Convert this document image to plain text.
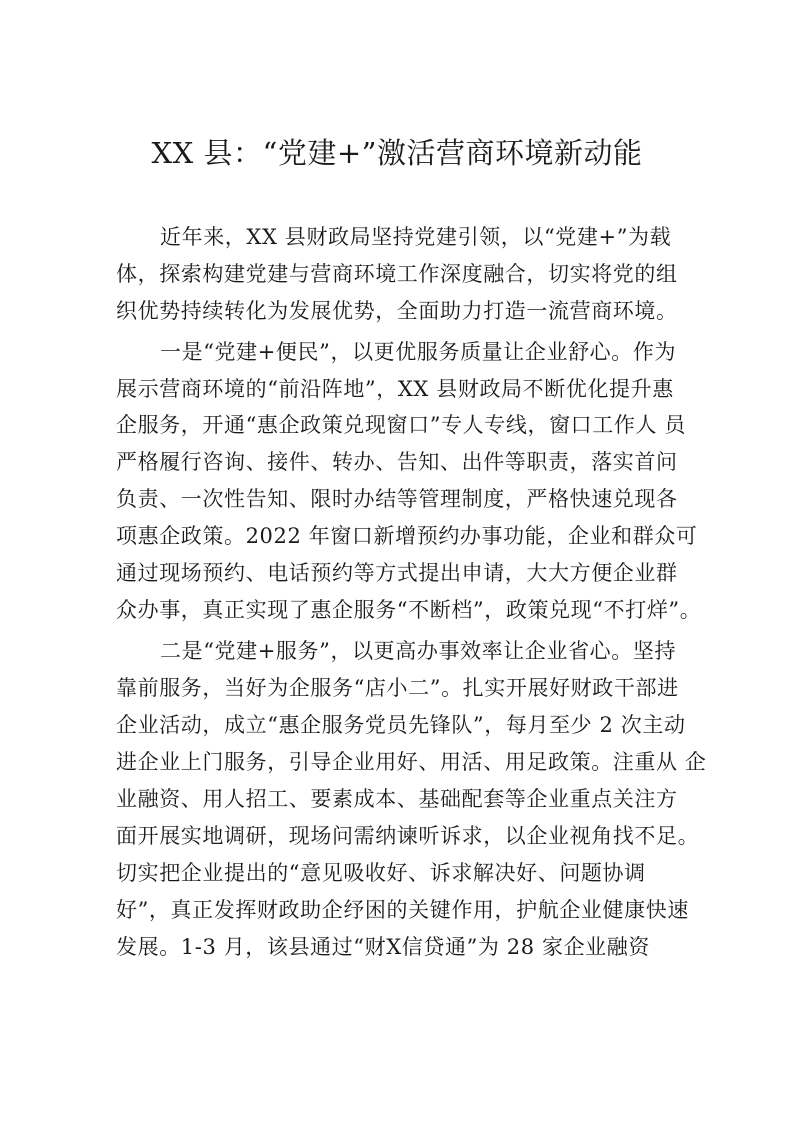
XX 县：“党建+”激活营商环境新动能
近年来，XX 县财政局坚持党建引领，以“党建+”为载
体，探索构建党建与营商环境工作深度融合，切实将党的组
织优势持续转化为发展优势，全面助力打造一流营商环境。
一是“党建+便民”，以更优服务质量让企业舒心。作为
展示营商环境的“前沿阵地”，XX 县财政局不断优化提升惠
企服务，开通“惠企政策兑现窗口”专人专线，窗口工作人 员
严格履行咨询、接件、转办、告知、出件等职责，落实首问
负责、一次性告知、限时办结等管理制度，严格快速兑现各
项惠企政策。2022 年窗口新增预约办事功能，企业和群众可
通过现场预约、电话预约等方式提出申请，大大方便企业群
众办事，真正实现了惠企服务“不断档”，政策兑现“不打烊”。
二是“党建+服务”，以更高办事效率让企业省心。坚持
靠前服务，当好为企服务“店小二”。扎实开展好财政干部进
企业活动，成立“惠企服务党员先锋队”，每月至少 2 次主动
进企业上门服务，引导企业用好、用活、用足政策。注重从 企
业融资、用人招工、要素成本、基础配套等企业重点关注方
面开展实地调研，现场问需纳谏听诉求，以企业视角找不足。
切实把企业提出的“意见吸收好、诉求解决好、问题协调
好”，真正发挥财政助企纾困的关键作用，护航企业健康快速
发展。1-3 月，该县通过“财X信贷通”为 28 家企业融资
